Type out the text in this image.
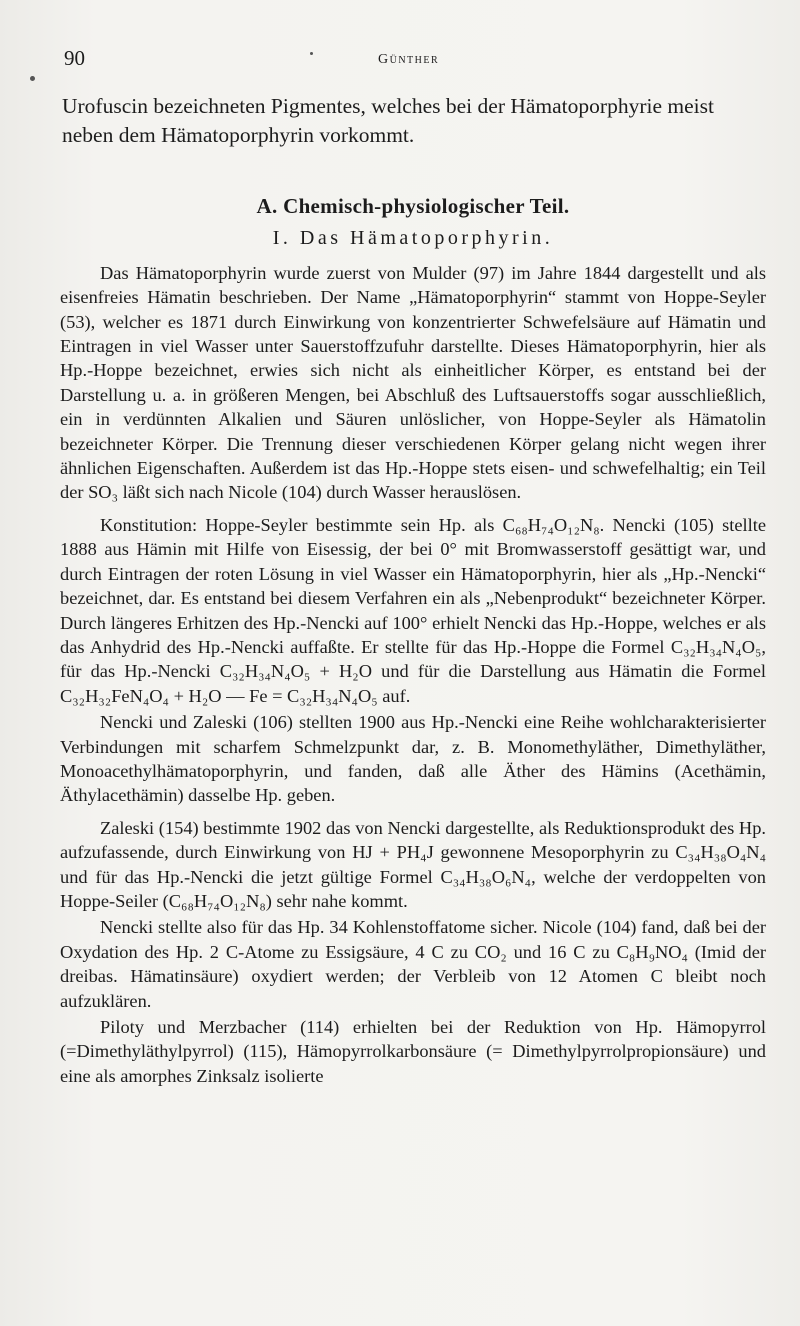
90	Günther

Urofuscin bezeichneten Pigmentes, welches bei der Hämatoporphyrie meist neben dem Hämatoporphyrin vorkommt.

A. Chemisch-physiologischer Teil.
I. Das Hämatoporphyrin.

Das Hämatoporphyrin wurde zuerst von Mulder (97) im Jahre 1844 dargestellt und als eisenfreies Hämatin beschrieben. Der Name „Hämatoporphyrin“ stammt von Hoppe-Seyler (53), welcher es 1871 durch Einwirkung von konzentrierter Schwefelsäure auf Hämatin und Eintragen in viel Wasser unter Sauerstoffzufuhr darstellte. Dieses Hämatoporphyrin, hier als Hp.-Hoppe bezeichnet, erwies sich nicht als einheitlicher Körper, es entstand bei der Darstellung u. a. in größeren Mengen, bei Abschluß des Luftsauerstoffs sogar ausschließlich, ein in verdünnten Alkalien und Säuren unlöslicher, von Hoppe-Seyler als Hämatolin bezeichneter Körper. Die Trennung dieser verschiedenen Körper gelang nicht wegen ihrer ähnlichen Eigenschaften. Außerdem ist das Hp.-Hoppe stets eisen- und schwefelhaltig; ein Teil der SO₃ läßt sich nach Nicole (104) durch Wasser herauslösen.

Konstitution: Hoppe-Seyler bestimmte sein Hp. als C₆₈H₇₄O₁₂N₈. Nencki (105) stellte 1888 aus Hämin mit Hilfe von Eisessig, der bei 0° mit Bromwasserstoff gesättigt war, und durch Eintragen der roten Lösung in viel Wasser ein Hämatoporphyrin, hier als „Hp.-Nencki“ bezeichnet, dar. Es entstand bei diesem Verfahren ein als „Nebenprodukt“ bezeichneter Körper. Durch längeres Erhitzen des Hp.-Nencki auf 100° erhielt Nencki das Hp.-Hoppe, welches er als das Anhydrid des Hp.-Nencki auffaßte. Er stellte für das Hp.-Hoppe die Formel C₃₂H₃₄N₄O₅, für das Hp.-Nencki C₃₂H₃₄N₄O₅ + H₂O und für die Darstellung aus Hämatin die Formel C₃₂H₃₂FeN₄O₄ + H₂O — Fe = C₃₂H₃₄N₄O₅ auf.

Nencki und Zaleski (106) stellten 1900 aus Hp.-Nencki eine Reihe wohlcharakterisierter Verbindungen mit scharfem Schmelzpunkt dar, z. B. Monomethyläther, Dimethyläther, Monoacethylhämatoporphyrin, und fanden, daß alle Äther des Hämins (Acethämin, Äthylacethämin) dasselbe Hp. geben.

Zaleski (154) bestimmte 1902 das von Nencki dargestellte, als Reduktionsprodukt des Hp. aufzufassende, durch Einwirkung von HJ + PH₄J gewonnene Mesoporphyrin zu C₃₄H₃₈O₄N₄ und für das Hp.-Nencki die jetzt gültige Formel C₃₄H₃₈O₆N₄, welche der verdoppelten von Hoppe-Seiler (C₆₈H₇₄O₁₂N₈) sehr nahe kommt.

Nencki stellte also für das Hp. 34 Kohlenstoffatome sicher. Nicole (104) fand, daß bei der Oxydation des Hp. 2 C-Atome zu Essigsäure, 4 C zu CO₂ und 16 C zu C₈H₉NO₄ (Imid der dreibas. Hämatinsäure) oxydiert werden; der Verbleib von 12 Atomen C bleibt noch aufzuklären.

Piloty und Merzbacher (114) erhielten bei der Reduktion von Hp. Hämopyrrol (=Dimethyläthylpyrrol) (115), Hämopyrrolkarbonsäure (= Dimethylpyrrolpropionsäure) und eine als amorphes Zinksalz isolierte
